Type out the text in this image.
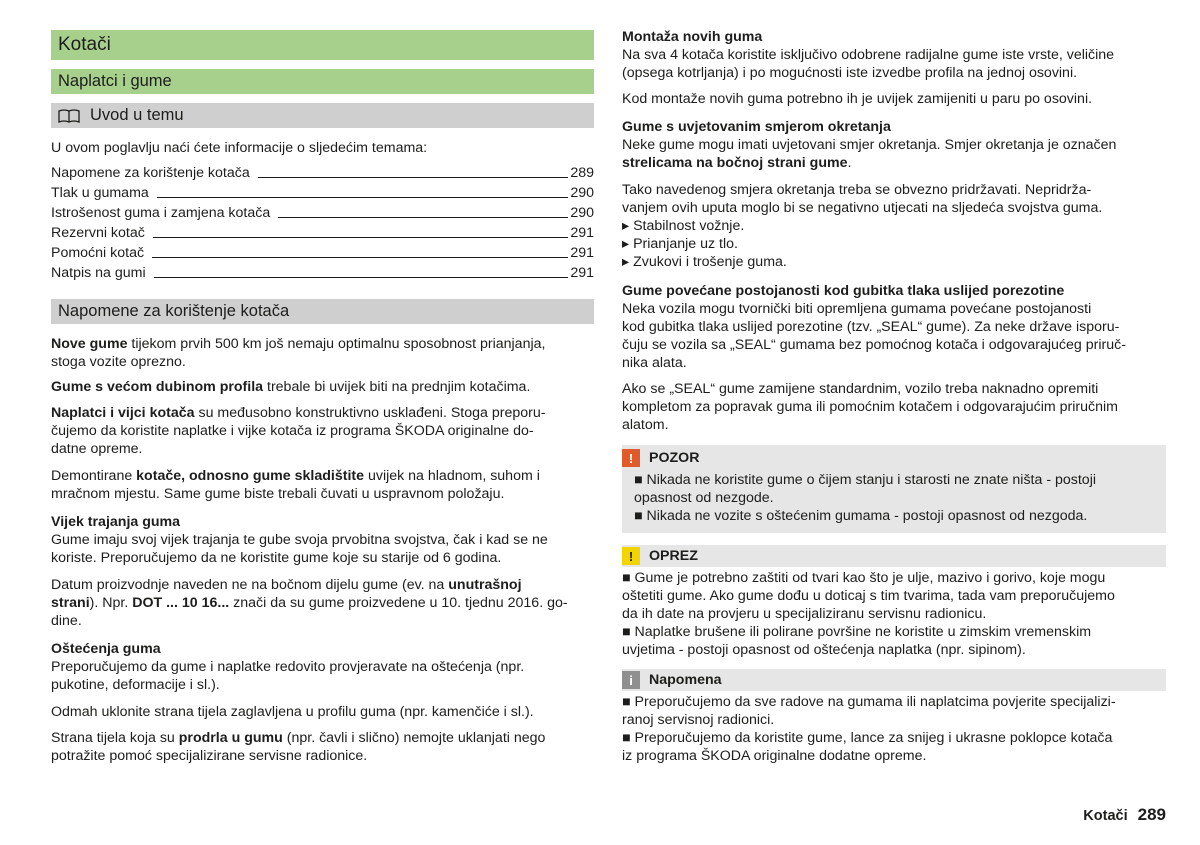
Kotači
Naplatci i gume
Uvod u temu

U ovom poglavlju naći ćete informacije o sljedećim temama:

Napomene za korištenje kotača	289
Tlak u gumama	290
Istrošenost guma i zamjena kotača	290
Rezervni kotač	291
Pomoćni kotač	291
Natpis na gumi	291
Napomene za korištenje kotača

Nove gume tijekom prvih 500 km još nemaju optimalnu sposobnost prianjanja,
stoga vozite oprezno.

Gume s većom dubinom profila trebale bi uvijek biti na prednjim kotačima.

Naplatci i vijci kotača su međusobno konstruktivno usklađeni. Stoga preporu-
čujemo da koristite naplatke i vijke kotača iz programa ŠKODA originalne do-
datne opreme.

Demontirane kotače, odnosno gume skladištite uvijek na hladnom, suhom i
mračnom mjestu. Same gume biste trebali čuvati u uspravnom položaju.

Vijek trajanja guma

Gume imaju svoj vijek trajanja te gube svoja prvobitna svojstva, čak i kad se ne
koriste. Preporučujemo da ne koristite gume koje su starije od 6 godina.

Datum proizvodnje naveden ne na bočnom dijelu gume (ev. na unutrašnoj
strani). Npr. DOT ... 10 16... znači da su gume proizvedene u 10. tjednu 2016. go-
dine.

Oštećenja guma

Preporučujemo da gume i naplatke redovito provjeravate na oštećenja (npr.
pukotine, deformacije i sl.).

Odmah uklonite strana tijela zaglavljena u profilu guma (npr. kamenčiće i sl.).

Strana tijela koja su prodrla u gumu (npr. čavli i slično) nemojte uklanjati nego
potražite pomoć specijalizirane servisne radionice.

Montaža novih guma

Na sva 4 kotača koristite isključivo odobrene radijalne gume iste vrste, veličine
(opsega kotrljanja) i po mogućnosti iste izvedbe profila na jednoj osovini.

Kod montaže novih guma potrebno ih je uvijek zamijeniti u paru po osovini.

Gume s uvjetovanim smjerom okretanja

Neke gume mogu imati uvjetovani smjer okretanja. Smjer okretanja je označen
strelicama na bočnoj strani gume.

Tako navedenog smjera okretanja treba se obvezno pridržavati. Nepridrža-
vanjem ovih uputa moglo bi se negativno utjecati na sljedeća svojstva guma.
▸ Stabilnost vožnje.
▸ Prianjanje uz tlo.
▸ Zvukovi i trošenje guma.

Gume povećane postojanosti kod gubitka tlaka uslijed porezotine

Neka vozila mogu tvornički biti opremljena gumama povećane postojanosti
kod gubitka tlaka uslijed porezotine (tzv. „SEAL“ gume). Za neke države isporu-
čuju se vozila sa „SEAL“ gumama bez pomoćnog kotača i odgovarajućeg priruč-
nika alata.

Ako se „SEAL“ gume zamijene standardnim, vozilo treba naknadno opremiti
kompletom za popravak guma ili pomoćnim kotačem i odgovarajućim priručnim
alatom.

!	POZOR

■ Nikada ne koristite gume o čijem stanju i starosti ne znate ništa - postoji
opasnost od nezgode.
■ Nikada ne vozite s oštećenim gumama - postoji opasnost od nezgoda.

!	OPREZ

■ Gume je potrebno zaštiti od tvari kao što je ulje, mazivo i gorivo, koje mogu
oštetiti gume. Ako gume dođu u doticaj s tim tvarima, tada vam preporučujemo
da ih date na provjeru u specijaliziranu servisnu radionicu.
■ Naplatke brušene ili polirane površine ne koristite u zimskim vremenskim
uvjetima - postoji opasnost od oštećenja naplatka (npr. sipinom).

i	Napomena

■ Preporučujemo da sve radove na gumama ili naplatcima povjerite specijalizi-
ranoj servisnoj radionici.
■ Preporučujemo da koristite gume, lance za snijeg i ukrasne poklopce kotača
iz programa ŠKODA originalne dodatne opreme.

Kotači 289
